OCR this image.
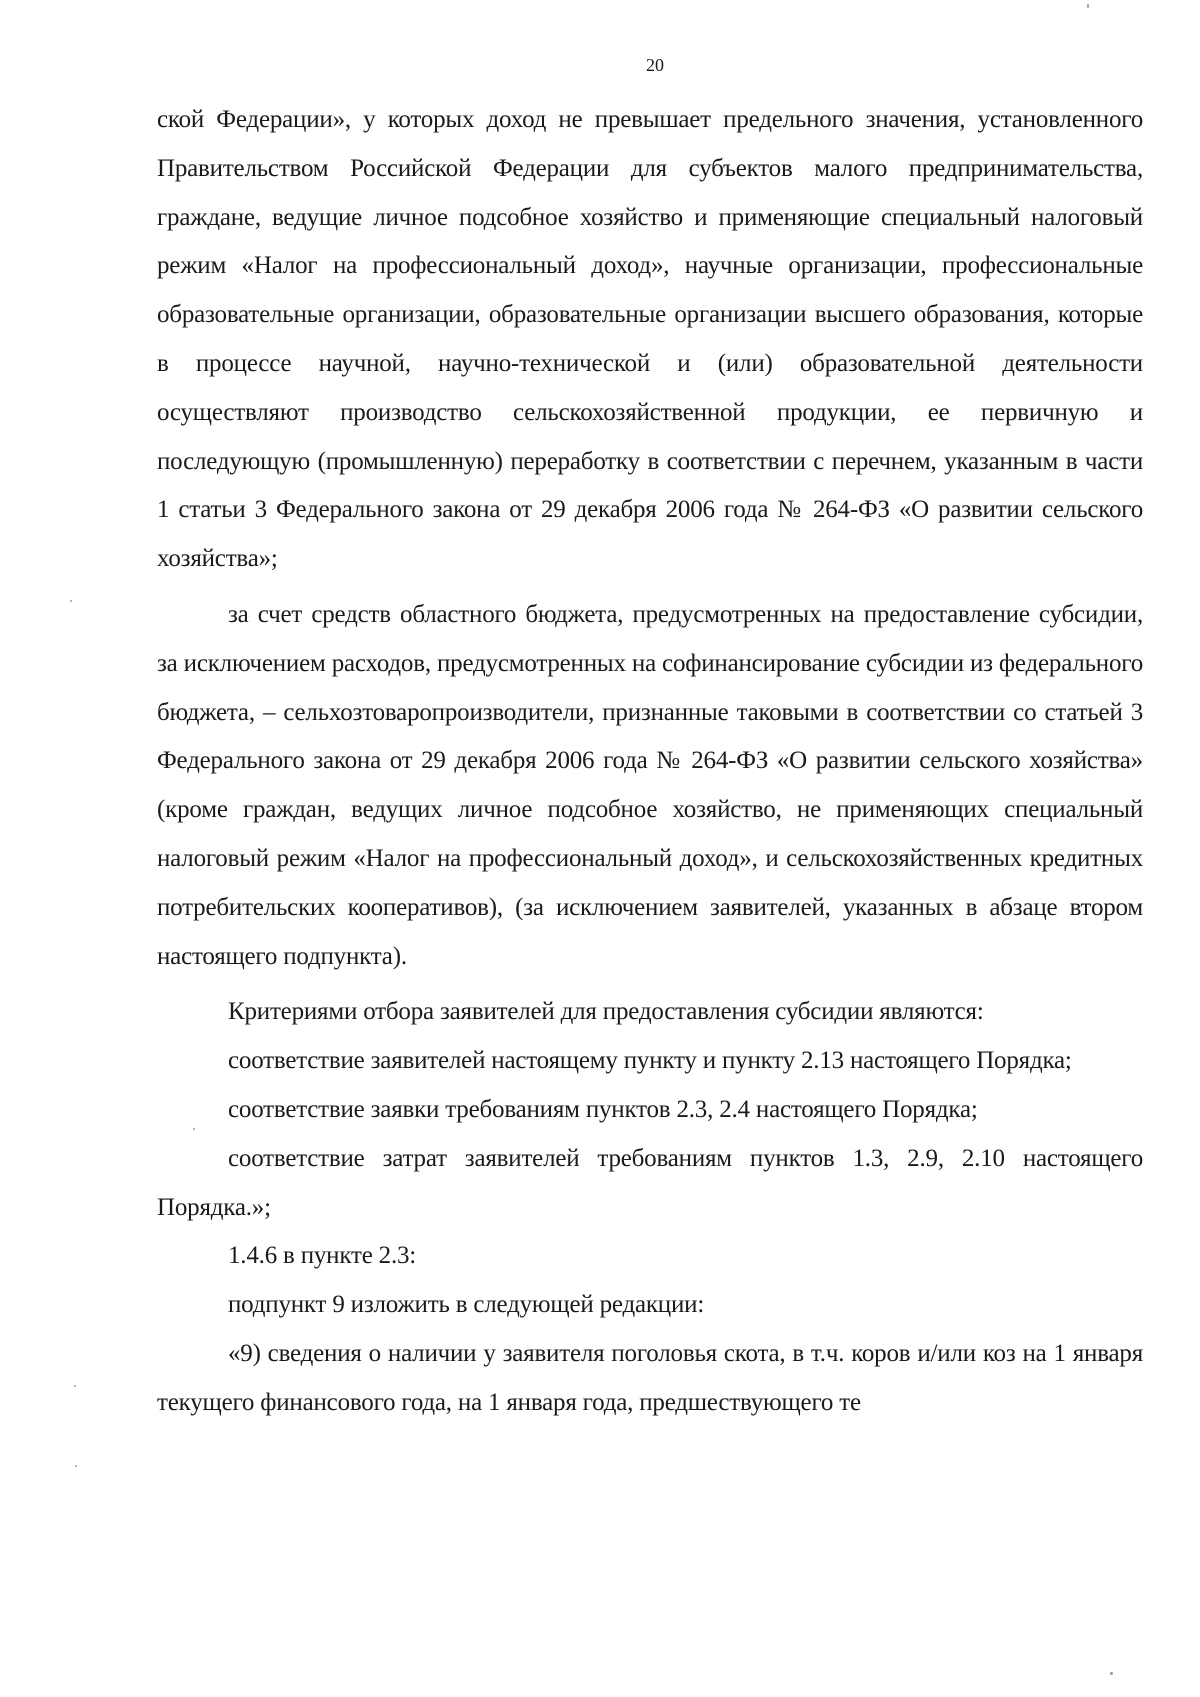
20

ской Федерации», у которых доход не превышает предельного значения, установленного Правительством Российской Федерации для субъектов малого предпринимательства, граждане, ведущие личное подсобное хозяйство и применяющие специальный налоговый режим «Налог на профессиональный доход», научные организации, профессиональные образовательные организации, образовательные организации высшего образования, которые в процессе научной, научно-технической и (или) образовательной деятельности осуществляют производство сельскохозяйственной продукции, ее первичную и последующую (промышленную) переработку в соответствии с перечнем, указанным в части 1 статьи 3 Федерального закона от 29 декабря 2006 года № 264-ФЗ «О развитии сельского хозяйства»;

за счет средств областного бюджета, предусмотренных на предоставление субсидии, за исключением расходов, предусмотренных на софинансирование субсидии из федерального бюджета, – сельхозтоваропроизводители, признанные таковыми в соответствии со статьей 3 Федерального закона от 29 декабря 2006 года № 264-ФЗ «О развитии сельского хозяйства» (кроме граждан, ведущих личное подсобное хозяйство, не применяющих специальный налоговый режим «Налог на профессиональный доход», и сельскохозяйственных кредитных потребительских кооперативов), (за исключением заявителей, указанных в абзаце втором настоящего подпункта).

Критериями отбора заявителей для предоставления субсидии являются:

соответствие заявителей настоящему пункту и пункту 2.13 настоящего Порядка;

соответствие заявки требованиям пунктов 2.3, 2.4 настоящего Порядка;

соответствие затрат заявителей требованиям пунктов 1.3, 2.9, 2.10 настоящего Порядка.»;

1.4.6 в пункте 2.3:

подпункт 9 изложить в следующей редакции:

«9) сведения о наличии у заявителя поголовья скота, в т.ч. коров и/или коз на 1 января текущего финансового года, на 1 января года, предшествующего те
